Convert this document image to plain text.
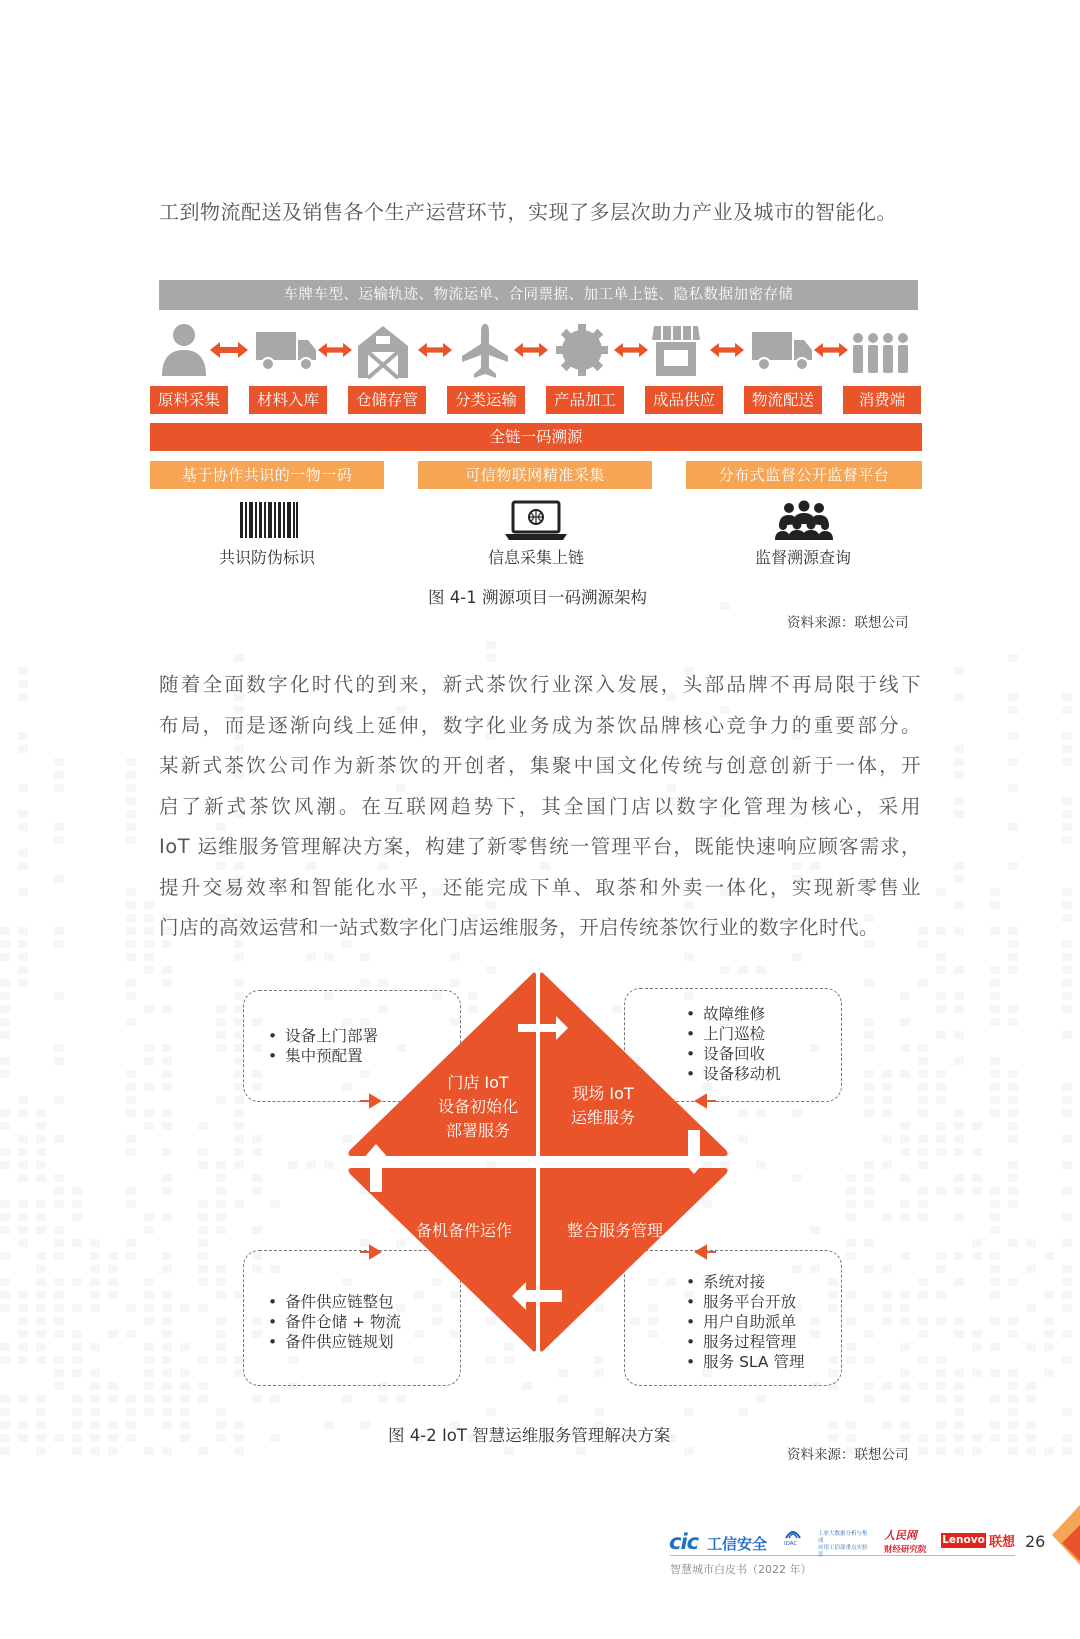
工到物流配送及销售各个生产运营环节，实现了多层次助力产业及城市的智能化。
车牌车型、运输轨迹、物流运单、合同票据、加工单上链、隐私数据加密存储
原料采集	材料入库	仓储存管	分类运输	产品加工	成品供应	物流配送	消费端
全链一码溯源
基于协作共识的一物一码	可信物联网精准采集	分布式监督公开监督平台
共识防伪标识	信息采集上链	监督溯源查询
图 4-1 溯源项目一码溯源架构
资料来源：联想公司
随着全面数字化时代的到来，新式茶饮行业深入发展，头部品牌不再局限于线下
布局，而是逐渐向线上延伸，数字化业务成为茶饮品牌核心竞争力的重要部分。
某新式茶饮公司作为新茶饮的开创者，集聚中国文化传统与创意创新于一体，开
启了新式茶饮风潮。在互联网趋势下，其全国门店以数字化管理为核心，采用
IoT 运维服务管理解决方案，构建了新零售统一管理平台，既能快速响应顾客需求，
提升交易效率和智能化水平，还能完成下单、取茶和外卖一体化，实现新零售业
门店的高效运营和一站式数字化门店运维服务，开启传统茶饮行业的数字化时代。
门店 IoT
设备初始化
部署服务
现场 IoT
运维服务
备机备件运作	整合服务管理
• 设备上门部署
• 集中预配置
• 故障维修
• 上门巡检
• 设备回收
• 设备移动机
• 备件供应链整包
• 备件仓储 + 物流
• 备件供应链规划
• 系统对接
• 服务平台开放
• 用户自助派单
• 服务过程管理
• 服务 SLA 管理
图 4-2 IoT 智慧运维服务管理解决方案
资料来源：联想公司
cic 工信安全	IDAC
工业大数据分析与集成
应用工信部重点实验室
人民网
财经研究院
Lenovo 联想 26
智慧城市白皮书（2022 年）
